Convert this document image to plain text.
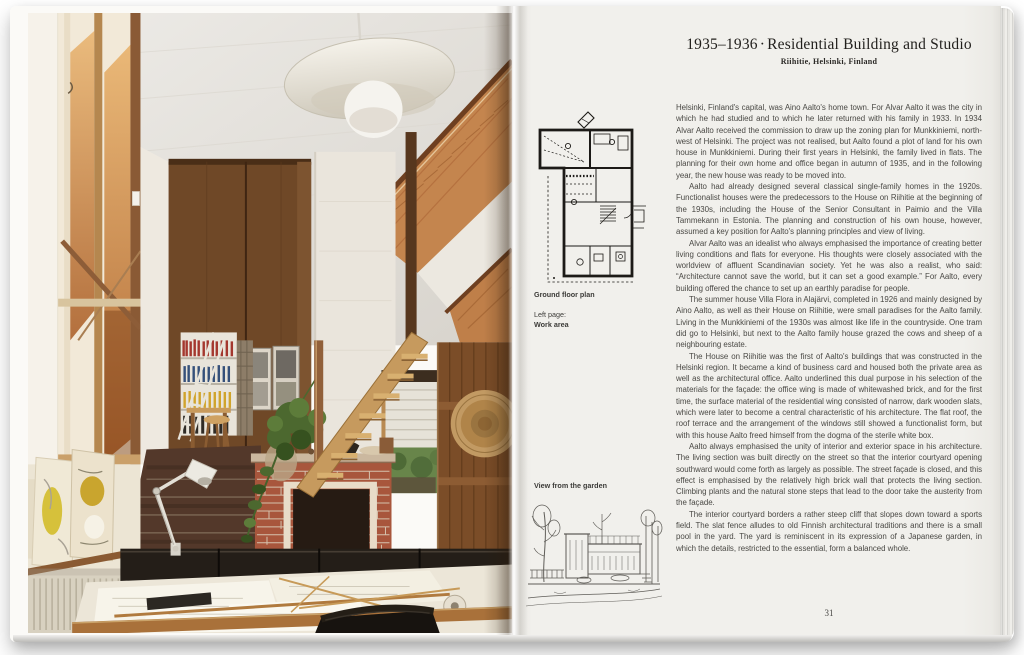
1935–1936 · Residential Building and Studio
Riihitie, Helsinki, Finland
Ground floor plan
Left page:
Work area
View from the garden

Helsinki, Finland's capital, was Aino Aalto's home town. For Alvar Aalto it was the city in which he had studied and to which he later returned with his family in 1933. In 1934 Alvar Aalto received the commission to draw up the zoning plan for Munkkiniemi, north-west of Helsinki. The project was not realised, but Aalto found a plot of land for his own house in Munkkiniemi. During their first years in Helsinki, the family lived in flats. The planning for their own home and office began in autumn of 1935, and in the following year, the new house was ready to be moved into.

Aalto had already designed several classical single-family homes in the 1920s. Functionalist houses were the predecessors to the House on Riihitie at the beginning of the 1930s, including the House of the Senior Consultant in Paimio and the Villa Tammekann in Estonia. The planning and construction of his own house, however, assumed a key position for Aalto's planning principles and view of living.

Alvar Aalto was an idealist who always emphasised the importance of creating better living conditions and flats for everyone. His thoughts were closely associated with the worldview of affluent Scandinavian society. Yet he was also a realist, who said: “Architecture cannot save the world, but it can set a good example.” For Aalto, every building offered the chance to set up an earthly paradise for people.

The summer house Villa Flora in Alajärvi, completed in 1926 and mainly designed by Aino Aalto, as well as their House on Riihitie, were small paradises for the Aalto family. Living in the Munkkiniemi of the 1930s was almost like life in the countryside. One tram did go to Helsinki, but next to the Aalto family house grazed the cows and sheep of a neighbouring estate.

The House on Riihitie was the first of Aalto's buildings that was constructed in the Helsinki region. It became a kind of business card and housed both the private area as well as the architectural office. Aalto underlined this dual purpose in his selection of the materials for the façade: the office wing is made of whitewashed brick, and for the first time, the surface material of the residential wing consisted of narrow, dark wooden slats, which were later to become a central characteristic of his architecture. The flat roof, the roof terrace and the arrangement of the windows still showed a functionalist form, but with this house Aalto freed himself from the dogma of the sterile white box.

Aalto always emphasised the unity of interior and exterior space in his architecture. The living section was built directly on the street so that the interior courtyard opening southward would come forth as largely as possible. The street façade is closed, and this effect is emphasised by the relatively high brick wall that protects the living section. Climbing plants and the natural stone steps that lead to the door take the austerity from the façade.

The interior courtyard borders a rather steep cliff that slopes down toward a sports field. The slat fence alludes to old Finnish architectural traditions and there is a small pool in the yard. The yard is reminiscent in its expression of a Japanese garden, in which the details, restricted to the essential, form a balanced whole.

31
